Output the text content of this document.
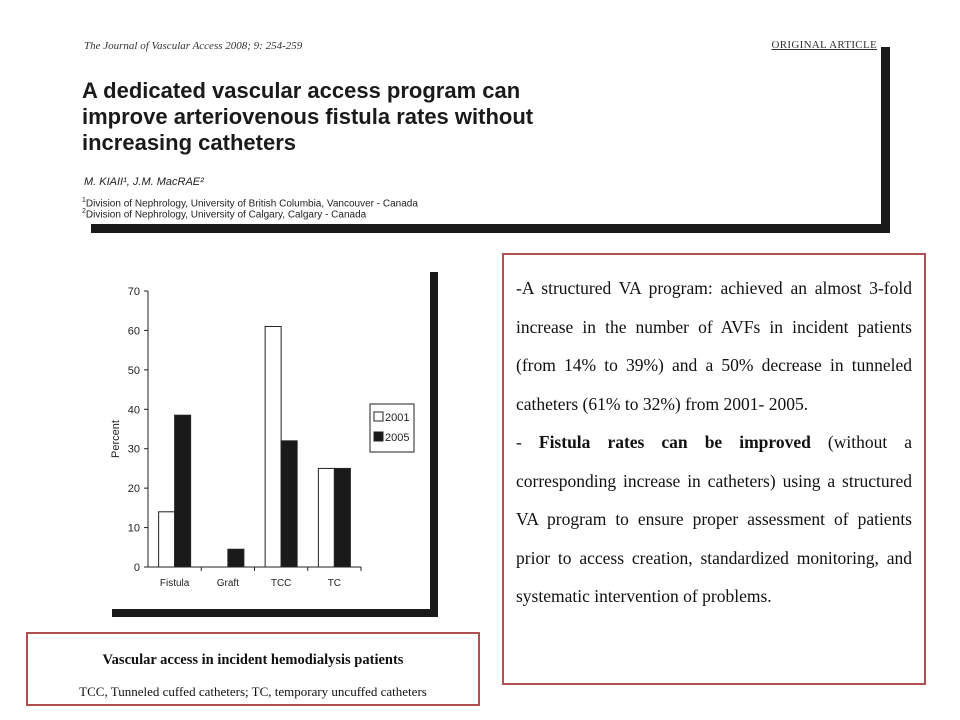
The Journal of Vascular Access 2008; 9: 254-259	ORIGINAL ARTICLE
A dedicated vascular access program can
improve arteriovenous fistula rates without
increasing catheters
M. KIAII¹, J.M. MacRAE²
$^1$Division of Nephrology, University of British Columbia, Vancouver - Canada
$^2$Division of Nephrology, University of Calgary, Calgary - Canada
0
10
20
30
40
50
60
70
Percent
Fistula	Graft	TCC	TC
2001
2005

-A structured VA program: achieved an almost 3-fold increase in the number of AVFs in incident patients (from 14% to 39%) and a 50% decrease in tunneled catheters (61% to 32%) from 2001- 2005.

- Fistula rates can be improved (without a corresponding increase in catheters) using a structured VA program to ensure proper assessment of patients prior to access creation, standardized monitoring, and systematic intervention of problems.

Vascular access in incident hemodialysis patients
TCC, Tunneled cuffed catheters; TC, temporary uncuffed catheters
